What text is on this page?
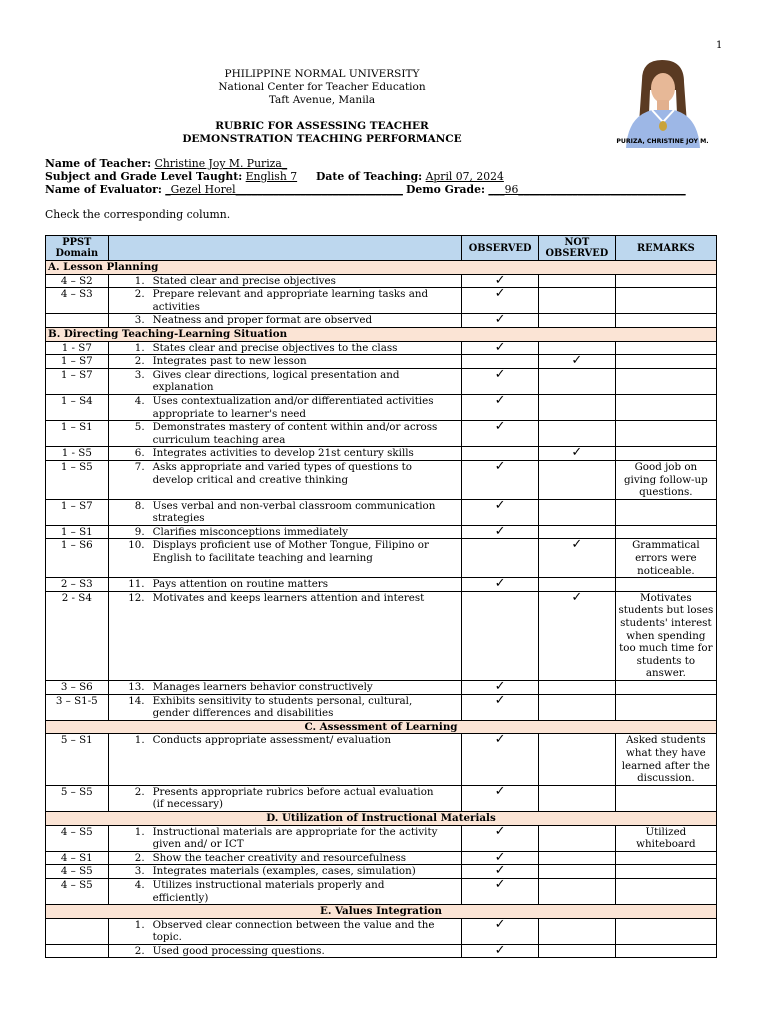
1
PHILIPPINE NORMAL UNIVERSITY
National Center for Teacher Education
Taft Avenue, Manila
RUBRIC FOR ASSESSING TEACHER
DEMONSTRATION TEACHING PERFORMANCE	PURIZA, CHRISTINE JOY M.
Name of Teacher: Christine Joy M. Puriza_
Subject and Grade Level Taught: English 7 Date of Teaching: April 07, 2024
Name of Evaluator: _Gezel Horel_______________________________ Demo Grade: ___96_______________________________
Check the corresponding column.
PPST Domain		OBSERVED	NOT OBSERVED	REMARKS
A. Lesson Planning				
4 – S2	1. Stated clear and precise objectives	✓		
4 – S3	2. Prepare relevant and appropriate learning tasks and activities	✓		
	3. Neatness and proper format are observed	✓		
B. Directing Teaching-Learning Situation				
1 - S7	1. States clear and precise objectives to the class	✓		
1 – S7	2. Integrates past to new lesson		✓	
1 – S7	3. Gives clear directions, logical presentation and explanation	✓		
1 – S4	4. Uses contextualization and/or differentiated activities appropriate to learner's need	✓		
1 – S1	5. Demonstrates mastery of content within and/or across curriculum teaching area	✓		
1 - S5	6. Integrates activities to develop 21st century skills		✓	
1 – S5	7. Asks appropriate and varied types of questions to develop critical and creative thinking	✓		Good job on giving follow-up questions.
1 – S7	8. Uses verbal and non-verbal classroom communication strategies	✓		
1 – S1	9. Clarifies misconceptions immediately	✓		
1 – S6	10. Displays proficient use of Mother Tongue, Filipino or English to facilitate teaching and learning		✓	Grammatical errors were noticeable.
2 – S3	11. Pays attention on routine matters	✓		
2 - S4	12. Motivates and keeps learners attention and interest		✓	Motivates students but loses students' interest when spending too much time for students to answer.
3 – S6	13. Manages learners behavior constructively	✓		
3 – S1-5	14. Exhibits sensitivity to students personal, cultural, gender differences and disabilities	✓		
C. Assessment of Learning				
5 – S1	1. Conducts appropriate assessment/ evaluation	✓		Asked students what they have learned after the discussion.
5 – S5	2. Presents appropriate rubrics before actual evaluation (if necessary)	✓		
D. Utilization of Instructional Materials				
4 – S5	1. Instructional materials are appropriate for the activity given and/ or ICT	✓		Utilized whiteboard
4 – S1	2. Show the teacher creativity and resourcefulness	✓		
4 – S5	3. Integrates materials (examples, cases, simulation)	✓		
4 – S5	4. Utilizes instructional materials properly and efficiently)	✓		
E. Values Integration				
	1. Observed clear connection between the value and the topic.	✓		
	2. Used good processing questions.	✓		
